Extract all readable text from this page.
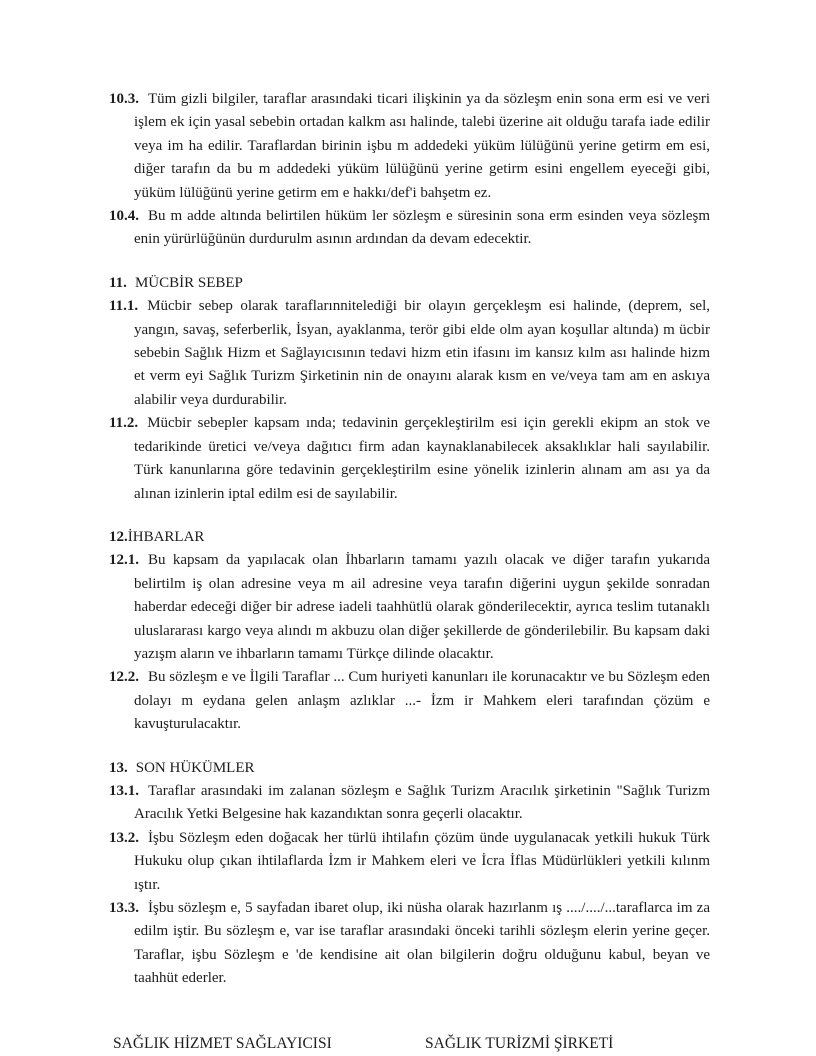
10.3. Tüm gizli bilgiler, taraflar arasındaki ticari ilişkinin ya da sözleşm enin sona erm esi ve veri işlem ek için yasal sebebin ortadan kalkm ası halinde, talebi üzerine ait olduğu tarafa iade edilir veya im ha edilir. Taraflardan birinin işbu m addedeki yüküm lülüğünü yerine getirm em esi, diğer tarafın da bu m addedeki yüküm lülüğünü yerine getirm esini engellem eyeceği gibi, yüküm lülüğünü yerine getirm em e hakkı/def'i bahşetm ez.

10.4. Bu m adde altında belirtilen hüküm ler sözleşm e süresinin sona erm esinden veya sözleşm enin yürürlüğünün durdurulm asının ardından da devam edecektir.

11. MÜCBİR SEBEP

11.1. Mücbir sebep olarak taraflarınnitelediği bir olayın gerçekleşm esi halinde, (deprem, sel, yangın, savaş, seferberlik, İsyan, ayaklanma, terör gibi elde olm ayan koşullar altında) m ücbir sebebin Sağlık Hizm et Sağlayıcısının tedavi hizm etin ifasını im kansız kılm ası halinde hizm et verm eyi Sağlık Turizm Şirketinin nin de onayını alarak kısm en ve/veya tam am en askıya alabilir veya durdurabilir.

11.2. Mücbir sebepler kapsam ında; tedavinin gerçekleştirilm esi için gerekli ekipm an stok ve tedarikinde üretici ve/veya dağıtıcı firm adan kaynaklanabilecek aksaklıklar hali sayılabilir. Türk kanunlarına göre tedavinin gerçekleştirilm esine yönelik izinlerin alınam am ası ya da alınan izinlerin iptal edilm esi de sayılabilir.

12.İHBARLAR

12.1. Bu kapsam da yapılacak olan İhbarların tamamı yazılı olacak ve diğer tarafın yukarıda belirtilm iş olan adresine veya m ail adresine veya tarafın diğerini uygun şekilde sonradan haberdar edeceği diğer bir adrese iadeli taahhütlü olarak gönderilecektir, ayrıca teslim tutanaklı uluslararası kargo veya alındı m akbuzu olan diğer şekillerde de gönderilebilir. Bu kapsam daki yazışm aların ve ihbarların tamamı Türkçe dilinde olacaktır.

12.2. Bu sözleşm e ve İlgili Taraflar ... Cum huriyeti kanunları ile korunacaktır ve bu Sözleşm eden dolayı m eydana gelen anlaşm azlıklar ...- İzm ir Mahkem eleri tarafından çözüm e kavuşturulacaktır.

13. SON HÜKÜMLER

13.1. Taraflar arasındaki im zalanan sözleşm e Sağlık Turizm Aracılık şirketinin "Sağlık Turizm Aracılık Yetki Belgesine hak kazandıktan sonra geçerli olacaktır.

13.2. İşbu Sözleşm eden doğacak her türlü ihtilafın çözüm ünde uygulanacak yetkili hukuk Türk Hukuku olup çıkan ihtilaflarda İzm ir Mahkem eleri ve İcra İflas Müdürlükleri yetkili kılınm ıştır.

13.3. İşbu sözleşm e, 5 sayfadan ibaret olup, iki nüsha olarak hazırlanm ış ..../..../...taraflarca im za edilm iştir. Bu sözleşm e, var ise taraflar arasındaki önceki tarihli sözleşm elerin yerine geçer. Taraflar, işbu Sözleşm e 'de kendisine ait olan bilgilerin doğru olduğunu kabul, beyan ve taahhüt ederler.

SAĞLIK HİZMET SAĞLAYICISI	SAĞLIK TURİZMİ ŞİRKETİ
